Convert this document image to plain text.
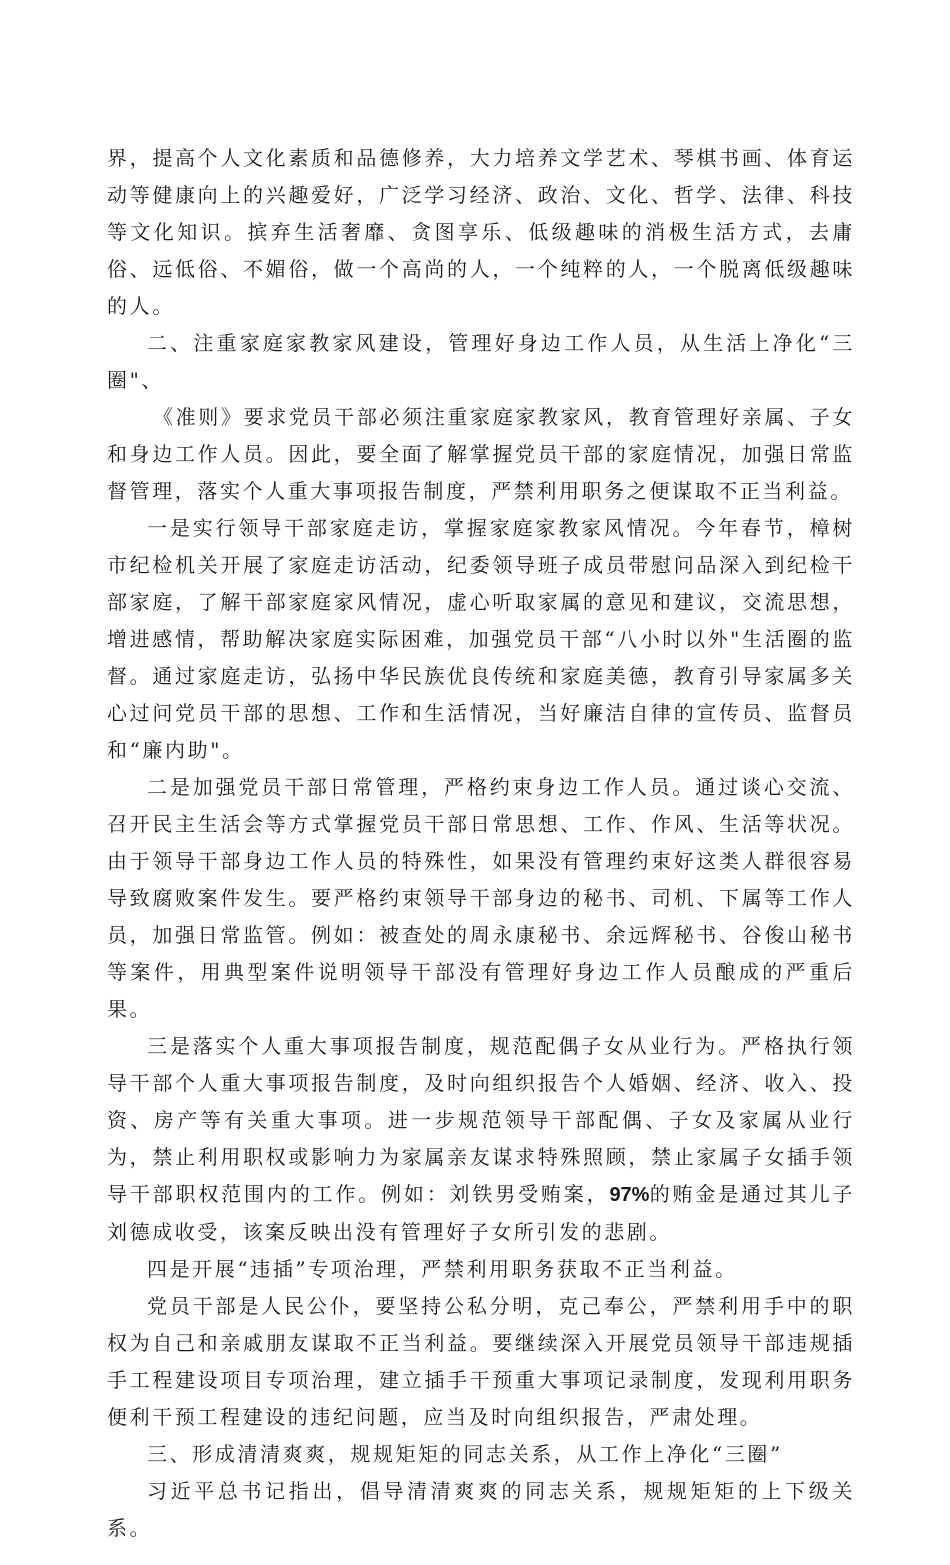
界，提高个人文化素质和品德修养，大力培养文学艺术、琴棋书画、体育运动等健康向上的兴趣爱好，广泛学习经济、政治、文化、哲学、法律、科技等文化知识。摈弃生活奢靡、贪图享乐、低级趣味的消极生活方式，去庸俗、远低俗、不媚俗，做一个高尚的人，一个纯粹的人，一个脱离低级趣味的人。

二、注重家庭家教家风建设，管理好身边工作人员，从生活上净化“三圈"、

《准则》要求党员干部必须注重家庭家教家风，教育管理好亲属、子女和身边工作人员。因此，要全面了解掌握党员干部的家庭情况，加强日常监督管理，落实个人重大事项报告制度，严禁利用职务之便谋取不正当利益。

一是实行领导干部家庭走访，掌握家庭家教家风情况。今年春节，樟树市纪检机关开展了家庭走访活动，纪委领导班子成员带慰问品深入到纪检干部家庭，了解干部家庭家风情况，虚心听取家属的意见和建议，交流思想，增进感情，帮助解决家庭实际困难，加强党员干部“八小时以外"生活圈的监督。通过家庭走访，弘扬中华民族优良传统和家庭美德，教育引导家属多关心过问党员干部的思想、工作和生活情况，当好廉洁自律的宣传员、监督员和“廉内助"。

二是加强党员干部日常管理，严格约束身边工作人员。通过谈心交流、召开民主生活会等方式掌握党员干部日常思想、工作、作风、生活等状况。由于领导干部身边工作人员的特殊性，如果没有管理约束好这类人群很容易导致腐败案件发生。要严格约束领导干部身边的秘书、司机、下属等工作人员，加强日常监管。例如：被查处的周永康秘书、余远辉秘书、谷俊山秘书等案件，用典型案件说明领导干部没有管理好身边工作人员酿成的严重后果。

三是落实个人重大事项报告制度，规范配偶子女从业行为。严格执行领导干部个人重大事项报告制度，及时向组织报告个人婚姻、经济、收入、投资、房产等有关重大事项。进一步规范领导干部配偶、子女及家属从业行为，禁止利用职权或影响力为家属亲友谋求特殊照顾，禁止家属子女插手领导干部职权范围内的工作。例如：刘铁男受贿案，97%的贿金是通过其儿子刘德成收受，该案反映出没有管理好子女所引发的悲剧。

四是开展“违插”专项治理，严禁利用职务获取不正当利益。

党员干部是人民公仆，要坚持公私分明，克己奉公，严禁利用手中的职权为自己和亲戚朋友谋取不正当利益。要继续深入开展党员领导干部违规插手工程建设项目专项治理，建立插手干预重大事项记录制度，发现利用职务便利干预工程建设的违纪问题，应当及时向组织报告，严肃处理。

三、形成清清爽爽，规规矩矩的同志关系，从工作上净化“三圈”

习近平总书记指出，倡导清清爽爽的同志关系，规规矩矩的上下级关系。
